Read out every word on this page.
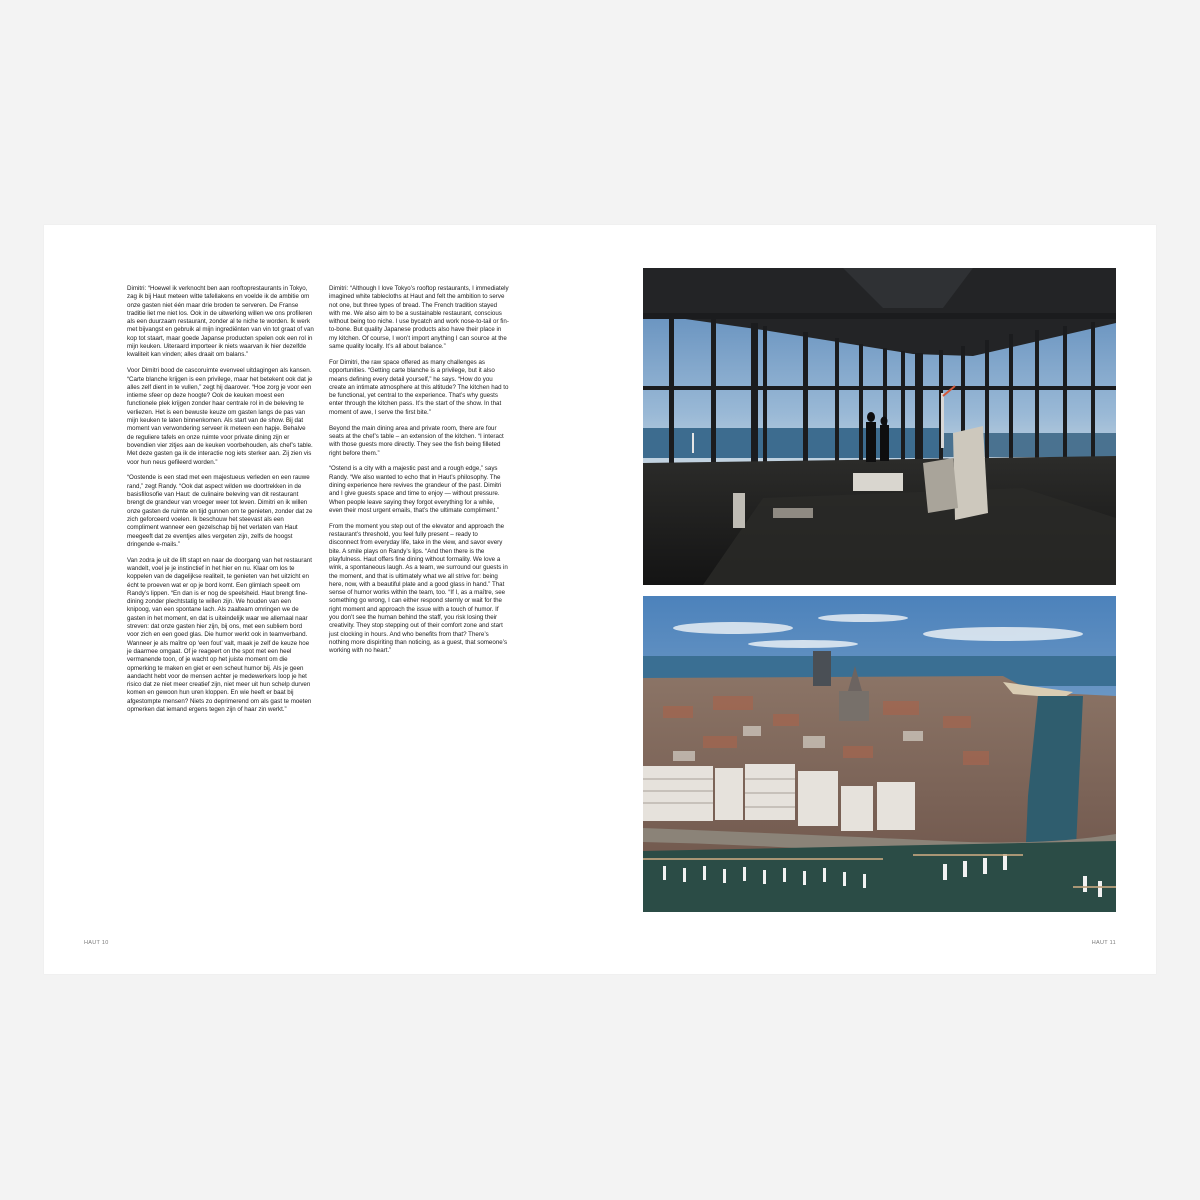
Dimitri: “Hoewel ik verknocht ben aan rooftoprestaurants in Tokyo, zag ik bij Haut meteen witte tafellakens en voelde ik de ambitie om onze gasten niet één maar drie broden te serveren. De Franse traditie liet me niet los. Ook in de uitwerking willen we ons profileren als een duurzaam restaurant, zonder al te niche te worden. Ik werk met bijvangst en gebruik al mijn ingrediënten van vin tot graat of van kop tot staart, maar goede Japanse producten spelen ook een rol in mijn keuken. Uiteraard importeer ik niets waarvan ik hier dezelfde kwaliteit kan vinden; alles draait om balans.”

Voor Dimitri bood de cascoruimte evenveel uitdagingen als kansen. “Carte blanche krijgen is een privilege, maar het betekent ook dat je alles zelf dient in te vullen,” zegt hij daarover. “Hoe zorg je voor een intieme sfeer op deze hoogte? Ook de keuken moest een functionele plek krijgen zonder haar centrale rol in de beleving te verliezen. Het is een bewuste keuze om gasten langs de pas van mijn keuken te laten binnenkomen. Als start van de show. Bij dat moment van verwondering serveer ik meteen een hapje. Behalve de reguliere tafels en onze ruimte voor private dining zijn er bovendien vier zitjes aan de keuken voorbehouden, als chef’s table. Met deze gasten ga ik de interactie nog iets sterker aan. Zij zien vis voor hun neus gefileerd worden.”

“Oostende is een stad met een majestueus verleden en een rauwe rand,” zegt Randy. “Ook dat aspect wilden we doortrekken in de basisfilosofie van Haut: de culinaire beleving van dit restaurant brengt de grandeur van vroeger weer tot leven. Dimitri en ik willen onze gasten de ruimte en tijd gunnen om te genieten, zonder dat ze zich geforceerd voelen. Ik beschouw het steevast als een compliment wanneer een gezelschap bij het verlaten van Haut meegeeft dat ze eventjes alles vergeten zijn, zelfs de hoogst dringende e-mails.”

Van zodra je uit de lift stapt en naar de doorgang van het restaurant wandelt, voel je je instinctief in het hier en nu. Klaar om los te koppelen van de dagelijkse realiteit, te genieten van het uitzicht en écht te proeven wat er op je bord komt. Een glimlach speelt om Randy’s lippen. “En dan is er nog de speelsheid. Haut brengt fine-dining zonder plechtstatig te willen zijn. We houden van een knipoog, van een spontane lach. Als zaalteam omringen we de gasten in het moment, en dat is uiteindelijk waar we allemaal naar streven: dat onze gasten hier zijn, bij ons, met een subliem bord voor zich en een goed glas. Die humor werkt ook in teamverband. Wanneer je als maître op ‘een fout’ valt, maak je zelf de keuze hoe je daarmee omgaat. Of je reageert on the spot met een heel vermanende toon, of je wacht op het juiste moment om die opmerking te maken en giet er een scheut humor bij. Als je geen aandacht hebt voor de mensen achter je medewerkers loop je het risico dat ze niet meer creatief zijn, niet meer uit hun schelp durven komen en gewoon hun uren kloppen. En wie heeft er baat bij afgestompte mensen? Niets zo deprimerend om als gast te moeten opmerken dat iemand ergens tegen zijn of haar zin werkt.”

Dimitri: “Although I love Tokyo’s rooftop restaurants, I immediately imagined white tablecloths at Haut and felt the ambition to serve not one, but three types of bread. The French tradition stayed with me. We also aim to be a sustainable restaurant, conscious without being too niche. I use bycatch and work nose-to-tail or fin-to-bone. But quality Japanese products also have their place in my kitchen. Of course, I won’t import anything I can source at the same quality locally. It’s all about balance.”

For Dimitri, the raw space offered as many challenges as opportunities. “Getting carte blanche is a privilege, but it also means defining every detail yourself,” he says. “How do you create an intimate atmosphere at this altitude? The kitchen had to be functional, yet central to the experience. That’s why guests enter through the kitchen pass. It’s the start of the show. In that moment of awe, I serve the first bite.”

Beyond the main dining area and private room, there are four seats at the chef’s table – an extension of the kitchen. “I interact with those guests more directly. They see the fish being filleted right before them.”

“Ostend is a city with a majestic past and a rough edge,” says Randy. “We also wanted to echo that in Haut’s philosophy. The dining experience here revives the grandeur of the past. Dimitri and I give guests space and time to enjoy — without pressure. When people leave saying they forgot everything for a while, even their most urgent emails, that’s the ultimate compliment.”

From the moment you step out of the elevator and approach the restaurant’s threshold, you feel fully present – ready to disconnect from everyday life, take in the view, and savor every bite. A smile plays on Randy’s lips. “And then there is the playfulness. Haut offers fine dining without formality. We love a wink, a spontaneous laugh. As a team, we surround our guests in the moment, and that is ultimately what we all strive for: being here, now, with a beautiful plate and a good glass in hand.” That sense of humor works within the team, too. “If I, as a maître, see something go wrong, I can either respond sternly or wait for the right moment and approach the issue with a touch of humor. If you don’t see the human behind the staff, you risk losing their creativity. They stop stepping out of their comfort zone and start just clocking in hours. And who benefits from that? There’s nothing more dispiriting than noticing, as a guest, that someone’s working with no heart.”

HAUT 10	HAUT 11
